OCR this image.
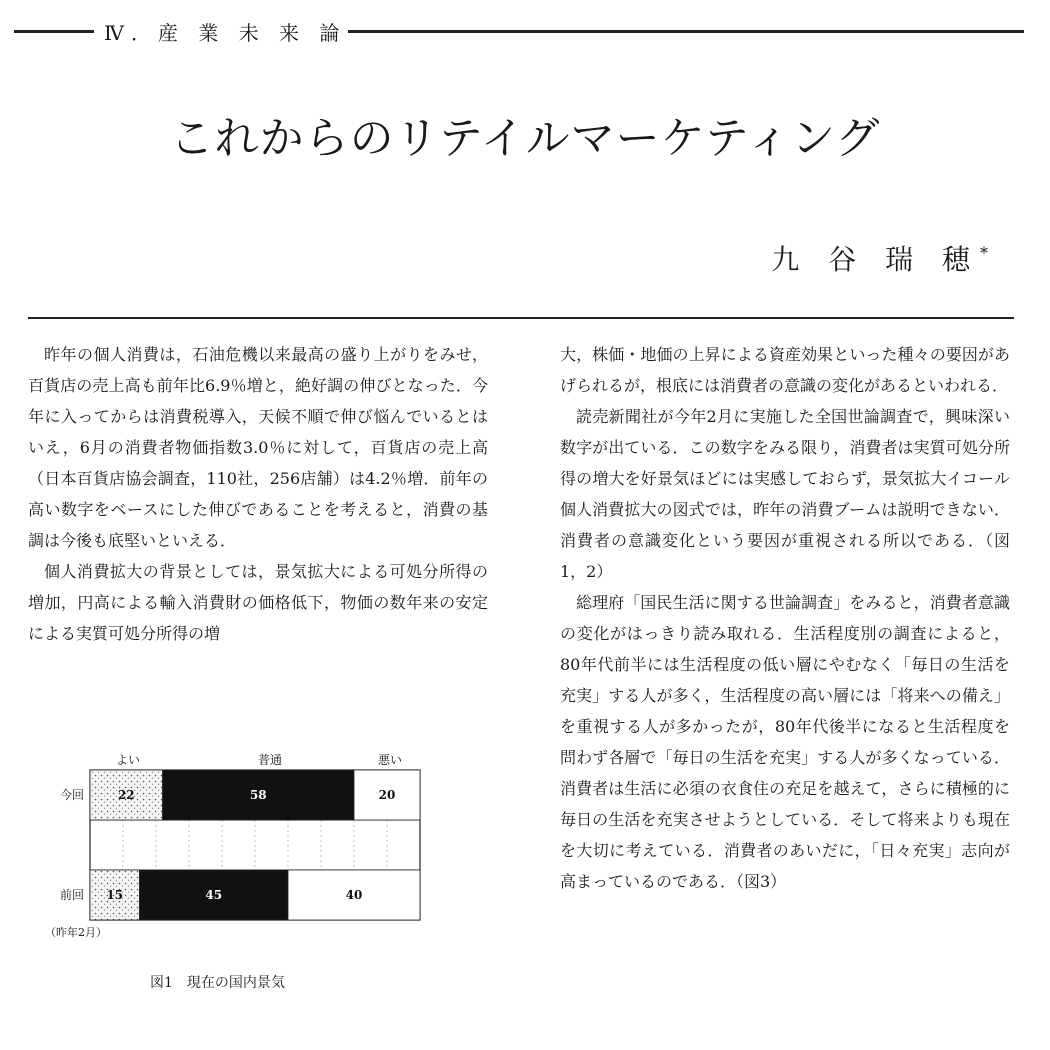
Ⅳ．産 業 未 来 論
これからのリテイルマーケティング
九 谷 瑞 穂*

昨年の個人消費は，石油危機以来最高の盛り上がりをみせ，百貨店の売上高も前年比6.9％増と，絶好調の伸びとなった．今年に入ってからは消費税導入，天候不順で伸び悩んでいるとはいえ，6月の消費者物価指数3.0％に対して，百貨店の売上高（日本百貨店協会調査，110社，256店舗）は4.2％増．前年の高い数字をベースにした伸びであることを考えると，消費の基調は今後も底堅いといえる．

個人消費拡大の背景としては，景気拡大による可処分所得の増加，円高による輸入消費財の価格低下，物価の数年来の安定による実質可処分所得の増

大，株価・地価の上昇による資産効果といった種々の要因があげられるが，根底には消費者の意識の変化があるといわれる．

読売新聞社が今年2月に実施した全国世論調査で，興味深い数字が出ている．この数字をみる限り，消費者は実質可処分所得の増大を好景気ほどには実感しておらず，景気拡大イコール個人消費拡大の図式では，昨年の消費ブームは説明できない．消費者の意識変化という要因が重視される所以である．（図1，2）

総理府「国民生活に関する世論調査」をみると，消費者意識の変化がはっきり読み取れる．生活程度別の調査によると，80年代前半には生活程度の低い層にやむなく「毎日の生活を充実」する人が多く，生活程度の高い層には「将来への備え」を重視する人が多かったが，80年代後半になると生活程度を問わず各層で「毎日の生活を充実」する人が多くなっている．消費者は生活に必須の衣食住の充足を越えて，さらに積極的に毎日の生活を充実させようとしている．そして将来よりも現在を大切に考えている．消費者のあいだに，「日々充実」志向が高まっているのである．（図3）

よい	普通	悪い
今回	22	58	20
前回 15	45	40
（昨年2月）
図1　現在の国内景気
